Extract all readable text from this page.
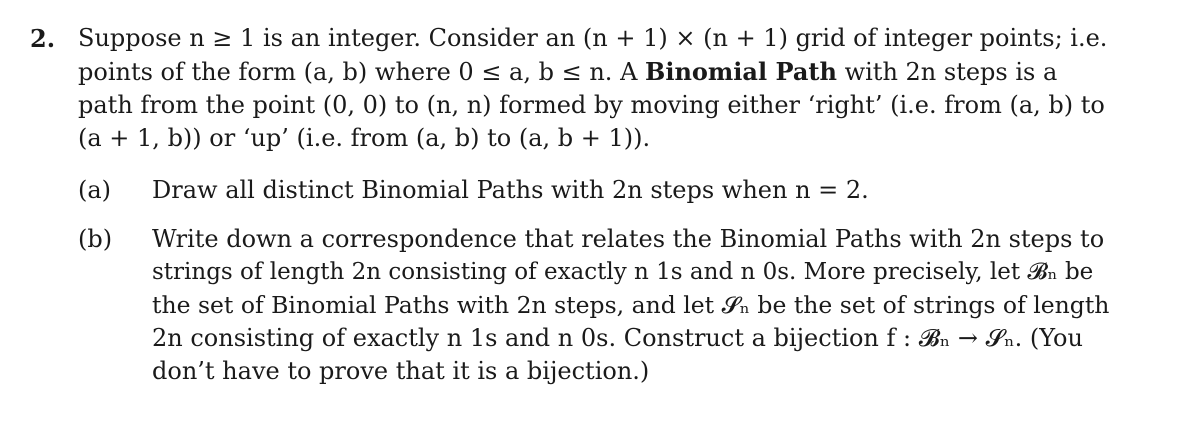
2. Suppose n ≥ 1 is an integer. Consider an (n + 1) × (n + 1) grid of integer points; i.e.
points of the form (a, b) where 0 ≤ a, b ≤ n. A Binomial Path with 2n steps is a
path from the point (0, 0) to (n, n) formed by moving either ‘right’ (i.e. from (a, b) to
(a + 1, b)) or ‘up’ (i.e. from (a, b) to (a, b + 1)).
(a)	Draw all distinct Binomial Paths with 2n steps when n = 2.
(b)	Write down a correspondence that relates the Binomial Paths with 2n steps to
strings of length 2n consisting of exactly n 1s and n 0s. More precisely, let 𝓑ₙ be
the set of Binomial Paths with 2n steps, and let 𝓢ₙ be the set of strings of length
2n consisting of exactly n 1s and n 0s. Construct a bijection f : 𝓑ₙ → 𝓢ₙ. (You
don’t have to prove that it is a bijection.)
